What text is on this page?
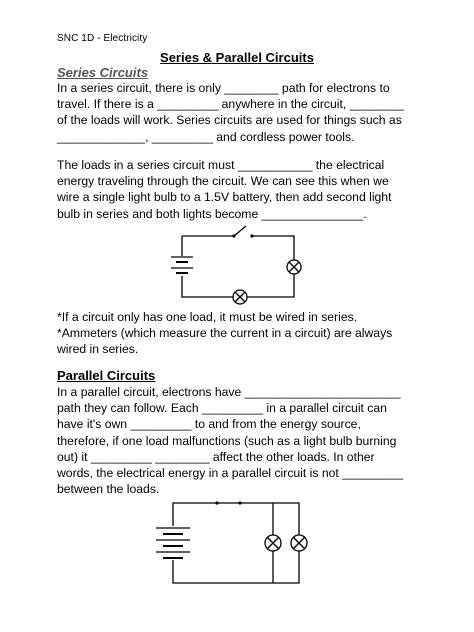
SNC 1D - Electricity
Series & Parallel Circuits
Series Circuits
In a series circuit, there is only ________ path for electrons to
travel. If there is a _________ anywhere in the circuit, ________
of the loads will work. Series circuits are used for things such as
_____________, _________ and cordless power tools.
The loads in a series circuit must ___________ the electrical
energy traveling through the circuit. We can see this when we
wire a single light bulb to a 1.5V battery, then add second light
bulb in series and both lights become _______________.
*If a circuit only has one load, it must be wired in series.
*Ammeters (which measure the current in a circuit) are always
wired in series.
Parallel Circuits
In a parallel circuit, electrons have _______________________
path they can follow. Each _________ in a parallel circuit can
have it's own _________ to and from the energy source,
therefore, if one load malfunctions (such as a light bulb burning
out) it _________ ________ affect the other loads. In other
words, the electrical energy in a parallel circuit is not _________
between the loads.
